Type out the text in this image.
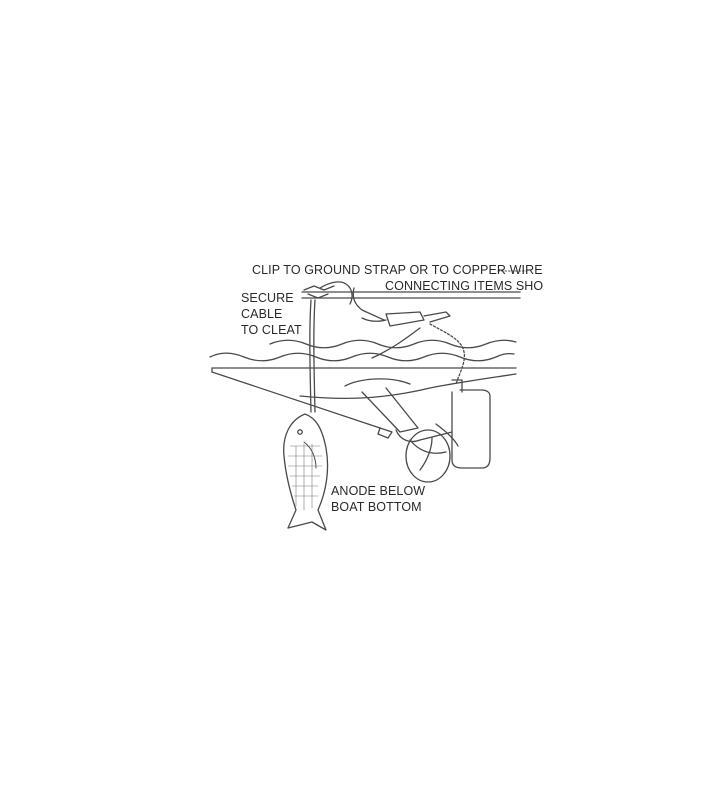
CLIP TO GROUND STRAP OR TO COPPER WIRE
CONNECTING ITEMS SHO
SECURE
CABLE
TO CLEAT
ANODE BELOW
BOAT BOTTOM
